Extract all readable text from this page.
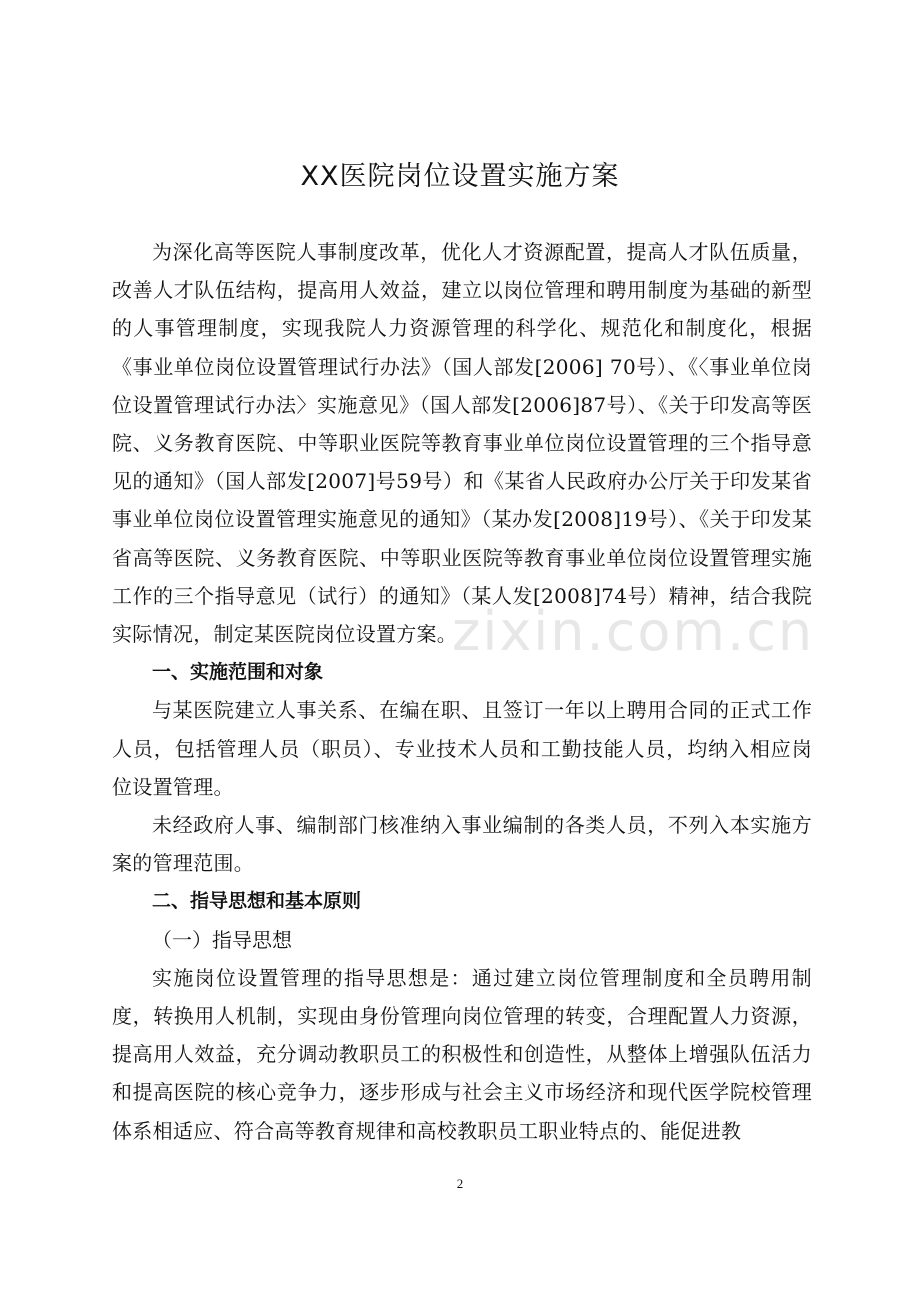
XX医院岗位设置实施方案

为深化高等医院人事制度改革，优化人才资源配置，提高人才队伍质量，改善人才队伍结构，提高用人效益，建立以岗位管理和聘用制度为基础的新型的人事管理制度，实现我院人力资源管理的科学化、规范化和制度化，根据《事业单位岗位设置管理试行办法》（国人部发[2006] 70号）、《〈事业单位岗位设置管理试行办法〉实施意见》（国人部发[2006]87号）、《关于印发高等医院、义务教育医院、中等职业医院等教育事业单位岗位设置管理的三个指导意见的通知》（国人部发[2007]号59号）和《某省人民政府办公厅关于印发某省事业单位岗位设置管理实施意见的通知》（某办发[2008]19号）、《关于印发某省高等医院、义务教育医院、中等职业医院等教育事业单位岗位设置管理实施工作的三个指导意见（试行）的通知》（某人发[2008]74号）精神，结合我院实际情况，制定某医院岗位设置方案。

一、实施范围和对象

与某医院建立人事关系、在编在职、且签订一年以上聘用合同的正式工作人员，包括管理人员（职员）、专业技术人员和工勤技能人员，均纳入相应岗位设置管理。

未经政府人事、编制部门核准纳入事业编制的各类人员，不列入本实施方案的管理范围。

二、指导思想和基本原则

（一）指导思想

实施岗位设置管理的指导思想是：通过建立岗位管理制度和全员聘用制度，转换用人机制，实现由身份管理向岗位管理的转变，合理配置人力资源，提高用人效益，充分调动教职员工的积极性和创造性，从整体上增强队伍活力和提高医院的核心竞争力，逐步形成与社会主义市场经济和现代医学院校管理体系相适应、符合高等教育规律和高校教职员工职业特点的、能促进教

zixin.com.cn
2
